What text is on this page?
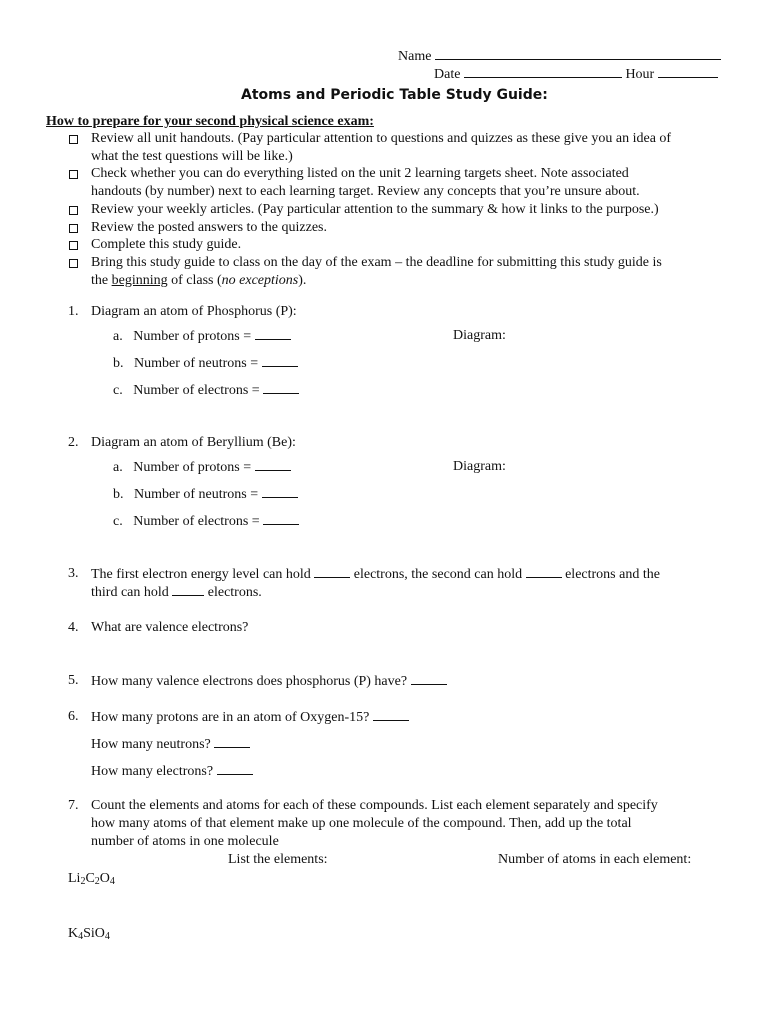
Name
Date	Hour
Atoms and Periodic Table Study Guide:
How to prepare for your second physical science exam:
Review all unit handouts. (Pay particular attention to questions and quizzes as these give you an idea of
what the test questions will be like.)
Check whether you can do everything listed on the unit 2 learning targets sheet. Note associated
handouts (by number) next to each learning target. Review any concepts that you’re unsure about.
Review your weekly articles. (Pay particular attention to the summary & how it links to the purpose.)
Review the posted answers to the quizzes.
Complete this study guide.
Bring this study guide to class on the day of the exam – the deadline for submitting this study guide is
the beginning of class (no exceptions).
1. Diagram an atom of Phosphorus (P):
a. Number of protons =	Diagram:
b. Number of neutrons =
c. Number of electrons =
2. Diagram an atom of Beryllium (Be):
a. Number of protons =	Diagram:
b. Number of neutrons =
c. Number of electrons =
3. The first electron energy level can hold	electrons, the second can hold	electrons and the
third can hold	electrons.
4. What are valence electrons?
5. How many valence electrons does phosphorus (P) have?
6. How many protons are in an atom of Oxygen-15?
How many neutrons?
How many electrons?
7. Count the elements and atoms for each of these compounds. List each element separately and specify
how many atoms of that element make up one molecule of the compound. Then, add up the total
number of atoms in one molecule
List the elements:	Number of atoms in each element:
$Li_2C_2O_4$
$K_4SiO_4$
